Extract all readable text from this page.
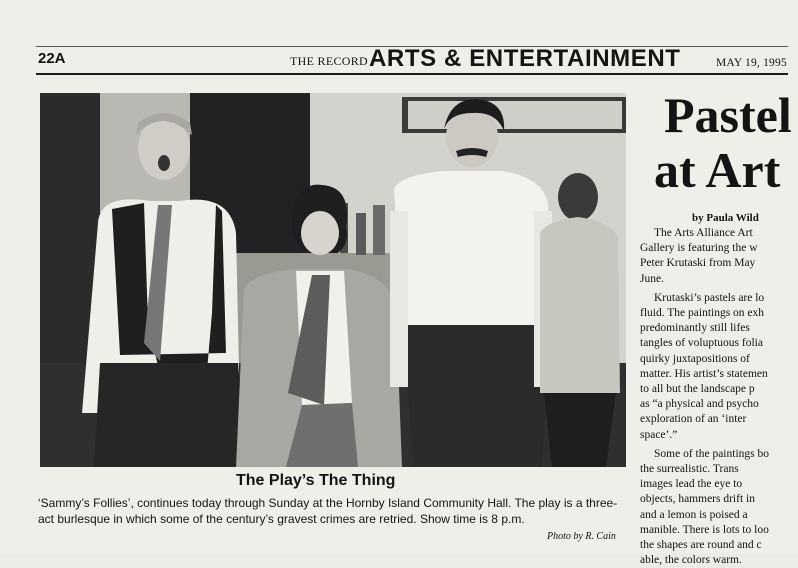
22A	THE RECORD ARTS & ENTERTAINMENT	MAY 19, 1995
The Play’s The Thing
‘Sammy’s Follies’, continues today through Sunday at the Hornby Island Community Hall. The play is a three-act burlesque in which some of the century’s gravest crimes are retried. Show time is 8 p.m.
Photo by R. Cain
Pastel
at Art
by Paula Wild

The Arts Alliance Art
Gallery is featuring the w
Peter Krutaski from May
June.

Krutaski’s pastels are lo
fluid. The paintings on exh
predominantly still lifes
tangles of voluptuous folia
quirky juxtapositions of
matter. His artist’s statemen
to all but the landscape p
as “a physical and psycho
exploration of an ‘inter
space’.”

Some of the paintings bo
the surrealistic. Trans
images lead the eye to
objects, hammers drift in
and a lemon is poised a
manible. There is lots to loo
the shapes are round and c
able, the colors warm.
